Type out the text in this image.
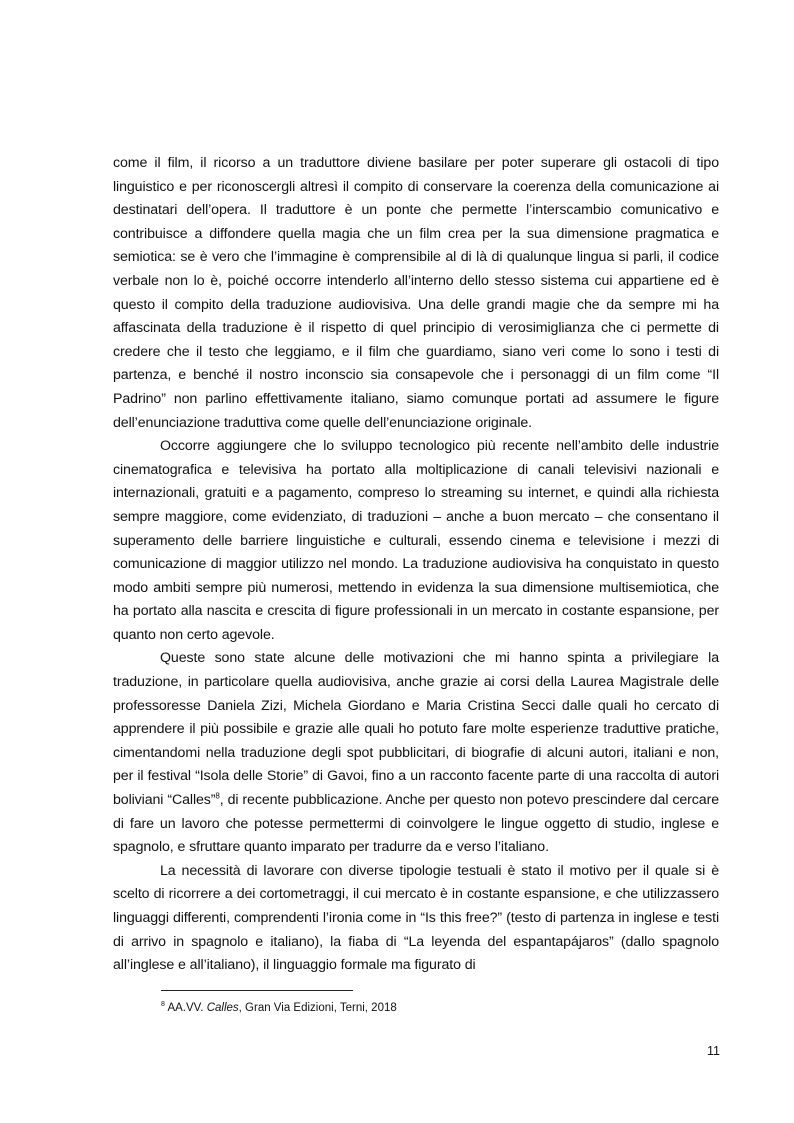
come il film, il ricorso a un traduttore diviene basilare per poter superare gli ostacoli di tipo linguistico e per riconoscergli altresì il compito di conservare la coerenza della comunicazione ai destinatari dell’opera. Il traduttore è un ponte che permette l’interscambio comunicativo e contribuisce a diffondere quella magia che un film crea per la sua dimensione pragmatica e semiotica: se è vero che l’immagine è comprensibile al di là di qualunque lingua si parli, il codice verbale non lo è, poiché occorre intenderlo all’interno dello stesso sistema cui appartiene ed è questo il compito della traduzione audiovisiva. Una delle grandi magie che da sempre mi ha affascinata della traduzione è il rispetto di quel principio di verosimiglianza che ci permette di credere che il testo che leggiamo, e il film che guardiamo, siano veri come lo sono i testi di partenza, e benché il nostro inconscio sia consapevole che i personaggi di un film come “Il Padrino” non parlino effettivamente italiano, siamo comunque portati ad assumere le figure dell’enunciazione traduttiva come quelle dell’enunciazione originale.

Occorre aggiungere che lo sviluppo tecnologico più recente nell’ambito delle industrie cinematografica e televisiva ha portato alla moltiplicazione di canali televisivi nazionali e internazionali, gratuiti e a pagamento, compreso lo streaming su internet, e quindi alla richiesta sempre maggiore, come evidenziato, di traduzioni – anche a buon mercato – che consentano il superamento delle barriere linguistiche e culturali, essendo cinema e televisione i mezzi di comunicazione di maggior utilizzo nel mondo. La traduzione audiovisiva ha conquistato in questo modo ambiti sempre più numerosi, mettendo in evidenza la sua dimensione multisemiotica, che ha portato alla nascita e crescita di figure professionali in un mercato in costante espansione, per quanto non certo agevole.

Queste sono state alcune delle motivazioni che mi hanno spinta a privilegiare la traduzione, in particolare quella audiovisiva, anche grazie ai corsi della Laurea Magistrale delle professoresse Daniela Zizi, Michela Giordano e Maria Cristina Secci dalle quali ho cercato di apprendere il più possibile e grazie alle quali ho potuto fare molte esperienze traduttive pratiche, cimentandomi nella traduzione degli spot pubblicitari, di biografie di alcuni autori, italiani e non, per il festival “Isola delle Storie” di Gavoi, fino a un racconto facente parte di una raccolta di autori boliviani “Calles”$^8$, di recente pubblicazione. Anche per questo non potevo prescindere dal cercare di fare un lavoro che potesse permettermi di coinvolgere le lingue oggetto di studio, inglese e spagnolo, e sfruttare quanto imparato per tradurre da e verso l’italiano.

La necessità di lavorare con diverse tipologie testuali è stato il motivo per il quale si è scelto di ricorrere a dei cortometraggi, il cui mercato è in costante espansione, e che utilizzassero linguaggi differenti, comprendenti l’ironia come in “Is this free?” (testo di partenza in inglese e testi di arrivo in spagnolo e italiano), la fiaba di “La leyenda del espantapájaros” (dallo spagnolo all’inglese e all’italiano), il linguaggio formale ma figurato di

$^8$ AA.VV. Calles, Gran Via Edizioni, Terni, 2018
11
